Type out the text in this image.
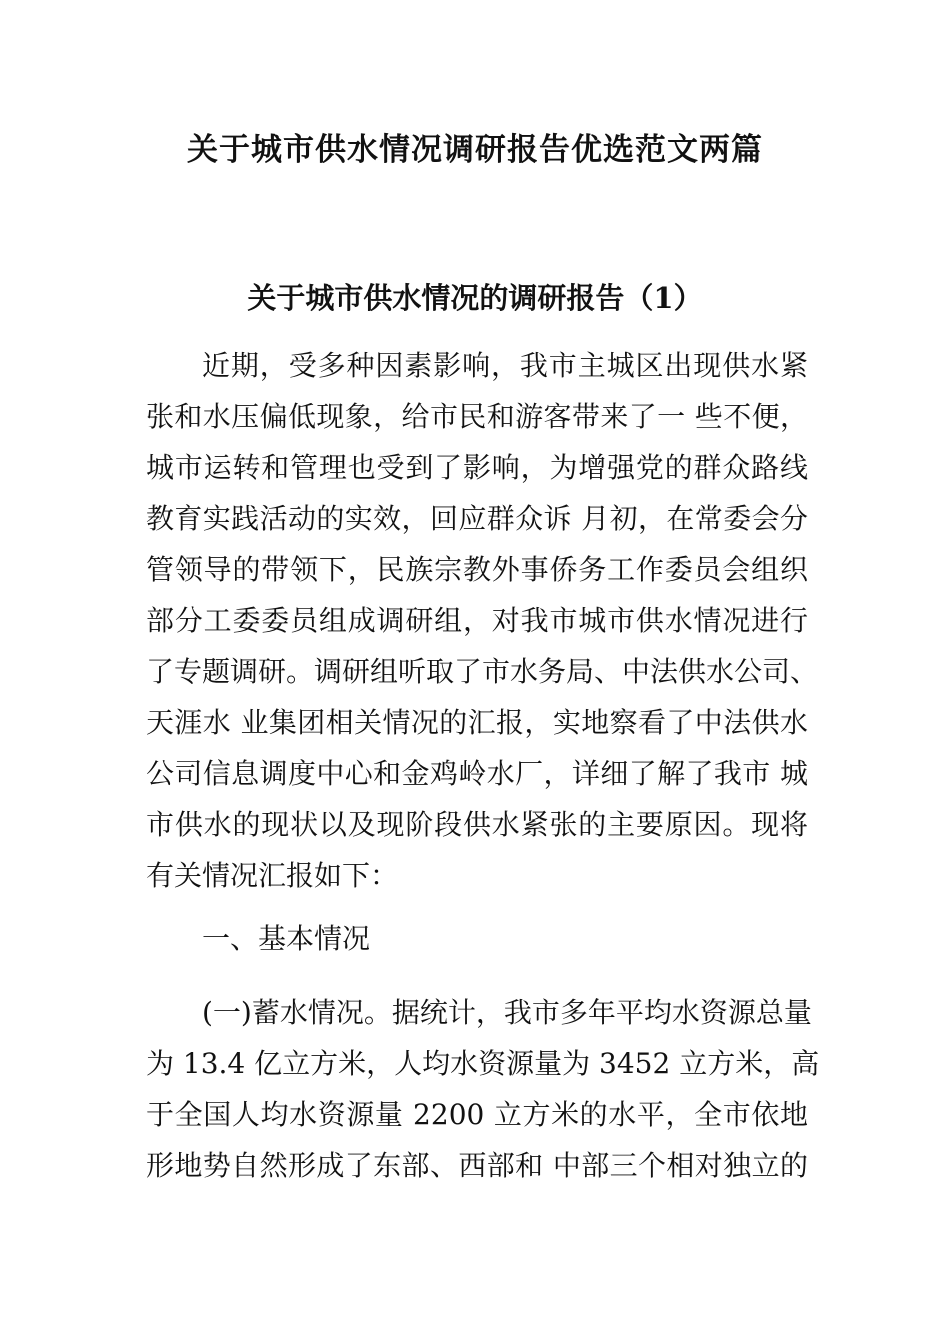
关于城市供水情况调研报告优选范文两篇
关于城市供水情况的调研报告（1）
近期，受多种因素影响，我市主城区出现供水紧
张和水压偏低现象，给市民和游客带来了一 些不便，
城市运转和管理也受到了影响，为增强党的群众路线
教育实践活动的实效，回应群众诉 月初，在常委会分
管领导的带领下，民族宗教外事侨务工作委员会组织
部分工委委员组成调研组，对我市城市供水情况进行
了专题调研。调研组听取了市水务局、中法供水公司、
天涯水 业集团相关情况的汇报，实地察看了中法供水
公司信息调度中心和金鸡岭水厂，详细了解了我市 城
市供水的现状以及现阶段供水紧张的主要原因。现将
有关情况汇报如下：
一、基本情况
(一)蓄水情况。据统计，我市多年平均水资源总量
为 13.4 亿立方米，人均水资源量为 3452 立方米，高
于全国人均水资源量 2200 立方米的水平，全市依地
形地势自然形成了东部、西部和 中部三个相对独立的
